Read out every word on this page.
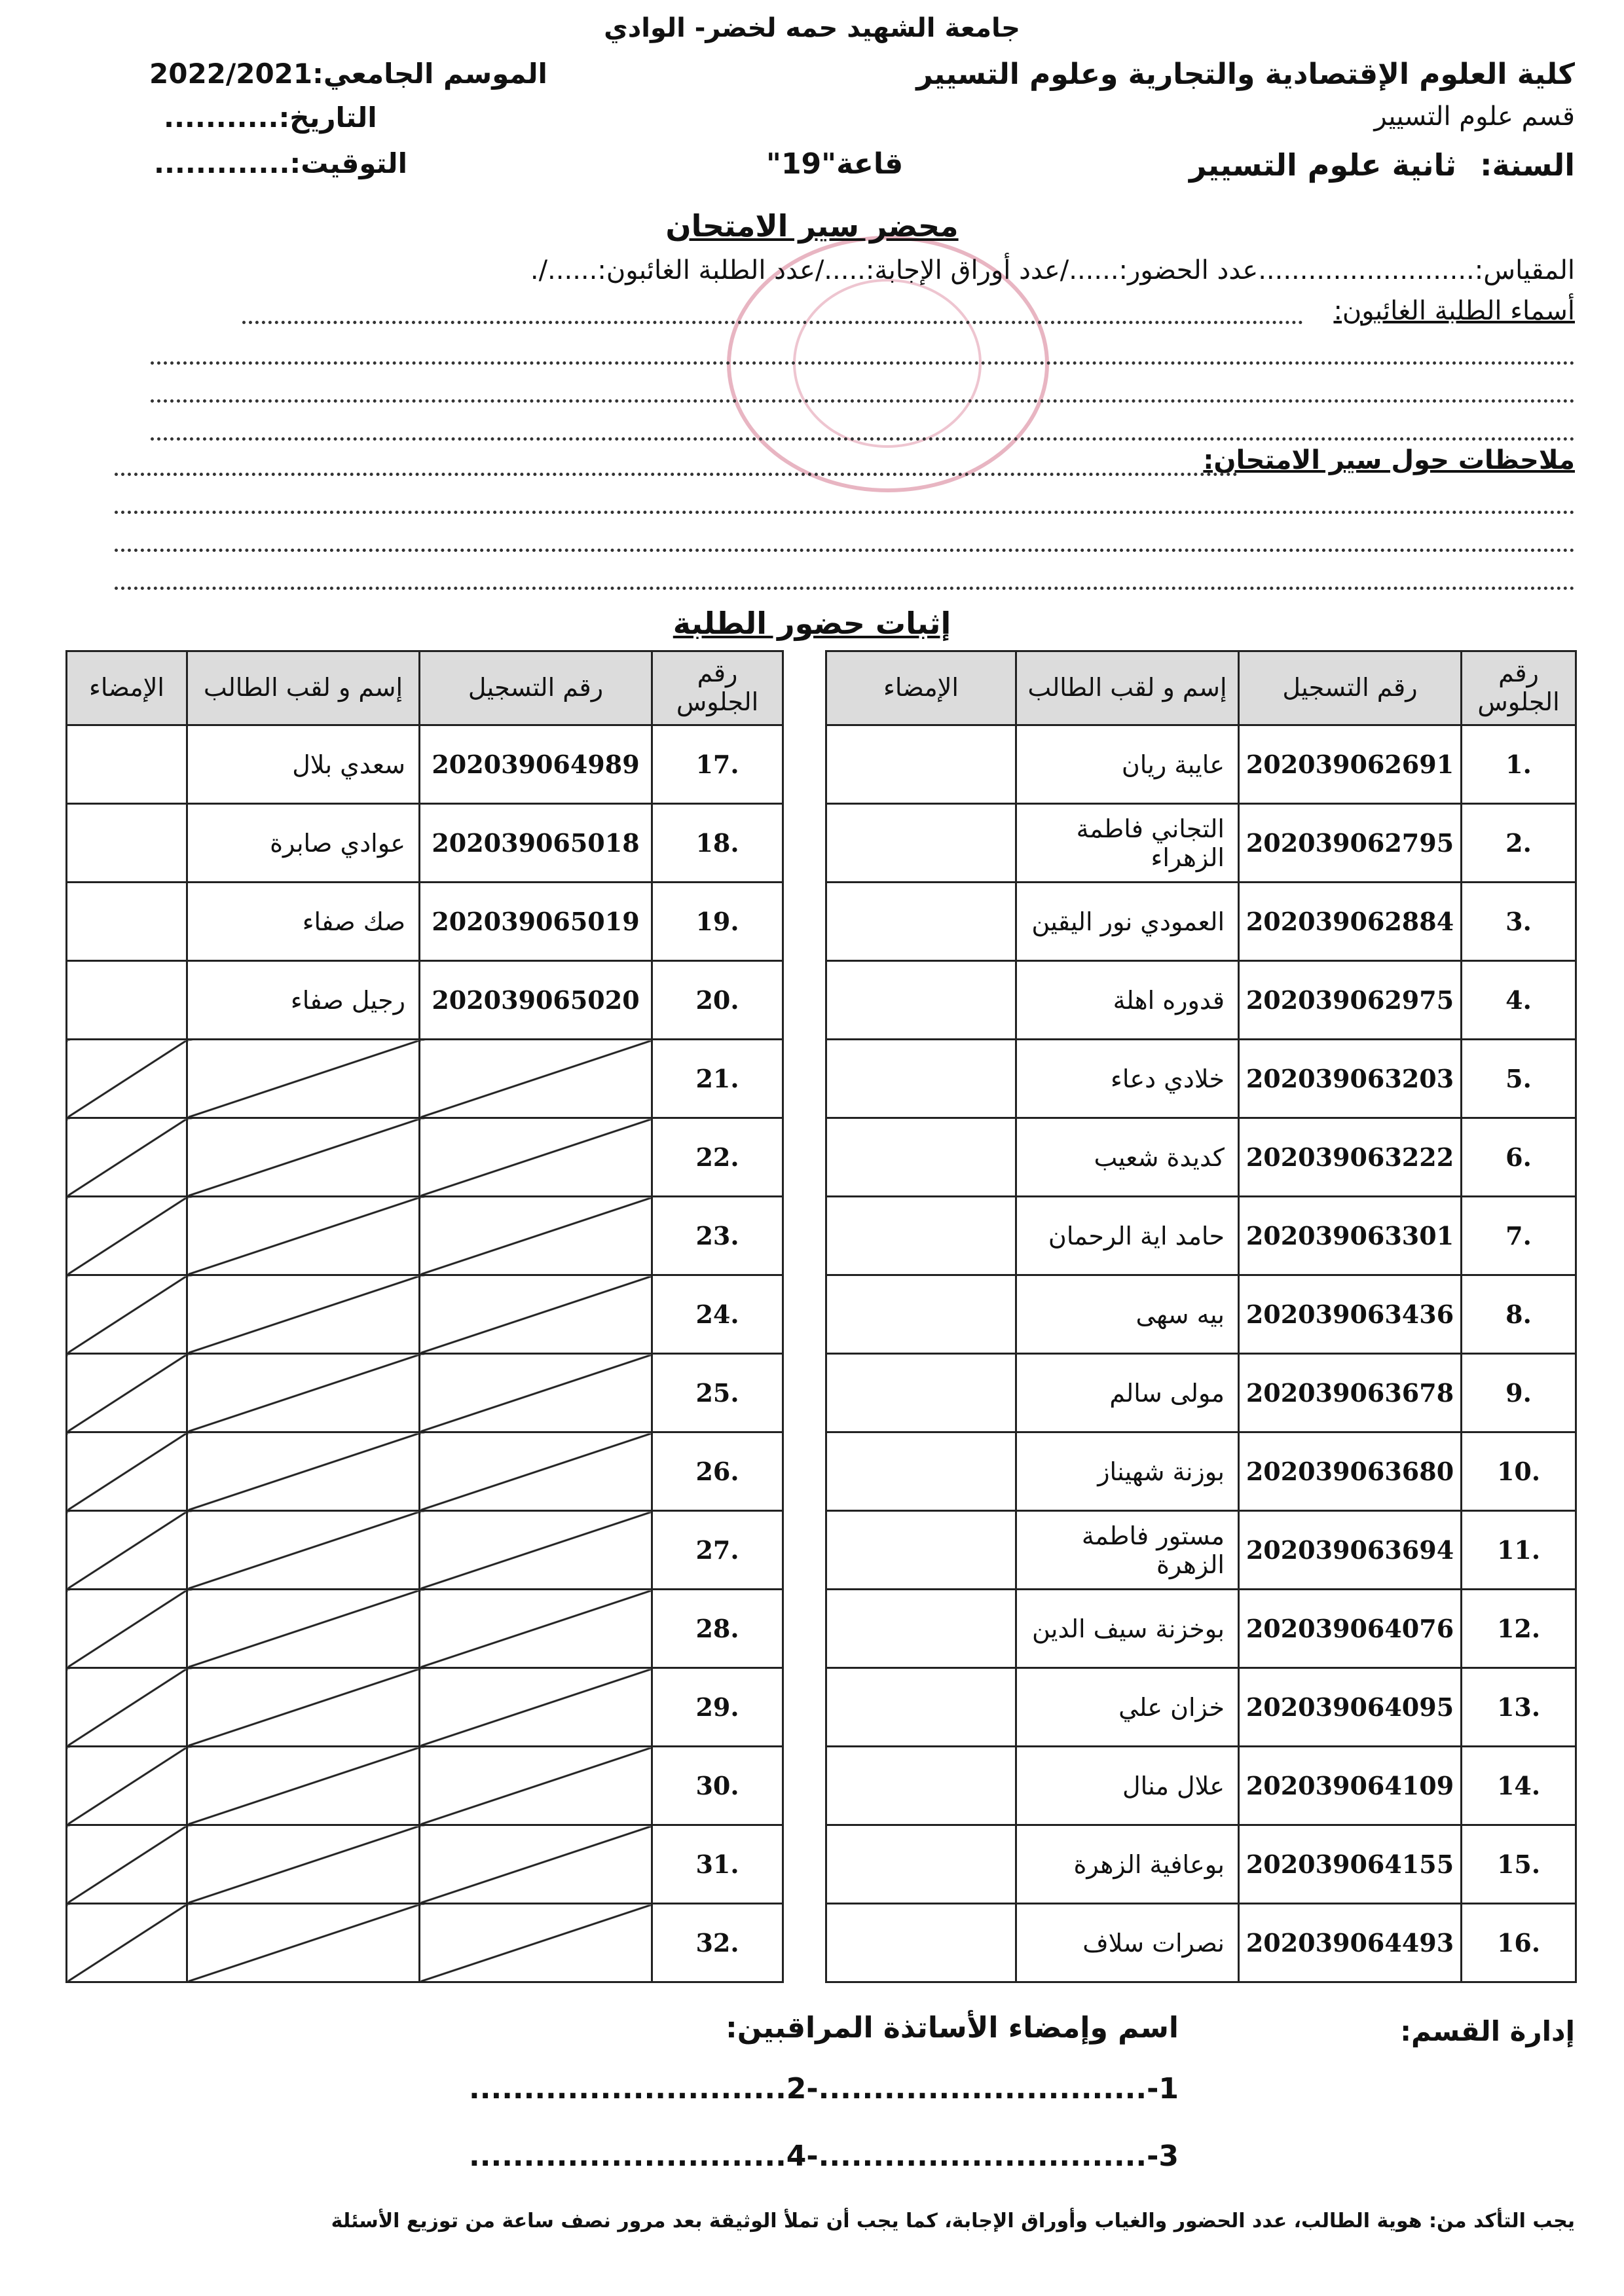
جامعة الشهيد حمه لخضر- الوادي
كلية العلوم الإقتصادية والتجارية وعلوم التسيير
قسم علوم التسيير
السنة: ثانية علوم التسيير
قاعة"19"
الموسم الجامعي:2022/2021
التاريخ:...........
التوقيت:.............
محضر سير الامتحان
المقياس:..........................عدد الحضور:....../عدد أوراق الإجابة:...../عدد الطلبة الغائبون:....../.
أسماء الطلبة الغائبون:
ملاحظات حول سير الامتحان:
إثبات حضور الطلبة
رقم الجلوس	رقم التسجيل	إسم و لقب الطالب	الإمضاء
1.	202039062691	عايبة ريان	
2.	202039062795	التجاني فاطمة الزهراء	
3.	202039062884	العمودي نور اليقين	
4.	202039062975	قدوره اهلة	
5.	202039063203	خلادي دعاء	
6.	202039063222	كديدة شعيب	
7.	202039063301	حامد اية الرحمان	
8.	202039063436	بيه سهى	
9.	202039063678	مولى سالم	
10.	202039063680	بوزنة شهيناز	
11.	202039063694	مستور فاطمة الزهرة	
12.	202039064076	بوخزنة سيف الدين	
13.	202039064095	خزان علي	
14.	202039064109	علال منال	
15.	202039064155	بوعافية الزهرة	
16.	202039064493	نصرات سلاف	
رقم الجلوس	رقم التسجيل	إسم و لقب الطالب	الإمضاء
17.	202039064989	سعدي بلال	
18.	202039065018	عوادي صابرة	
19.	202039065019	صك صفاء	
20.	202039065020	رجيل صفاء	
21.			
22.			
23.			
24.			
25.			
26.			
27.			
28.			
29.			
30.			
31.			
32.			
إدارة القسم:
اسم وإمضاء الأساتذة المراقبين:
1-..............................-2.............................
3-..............................-4.............................
يجب التأكد من: هوية الطالب، عدد الحضور والغياب وأوراق الإجابة، كما يجب أن تملأ الوثيقة بعد مرور نصف ساعة من توزيع الأسئلة
